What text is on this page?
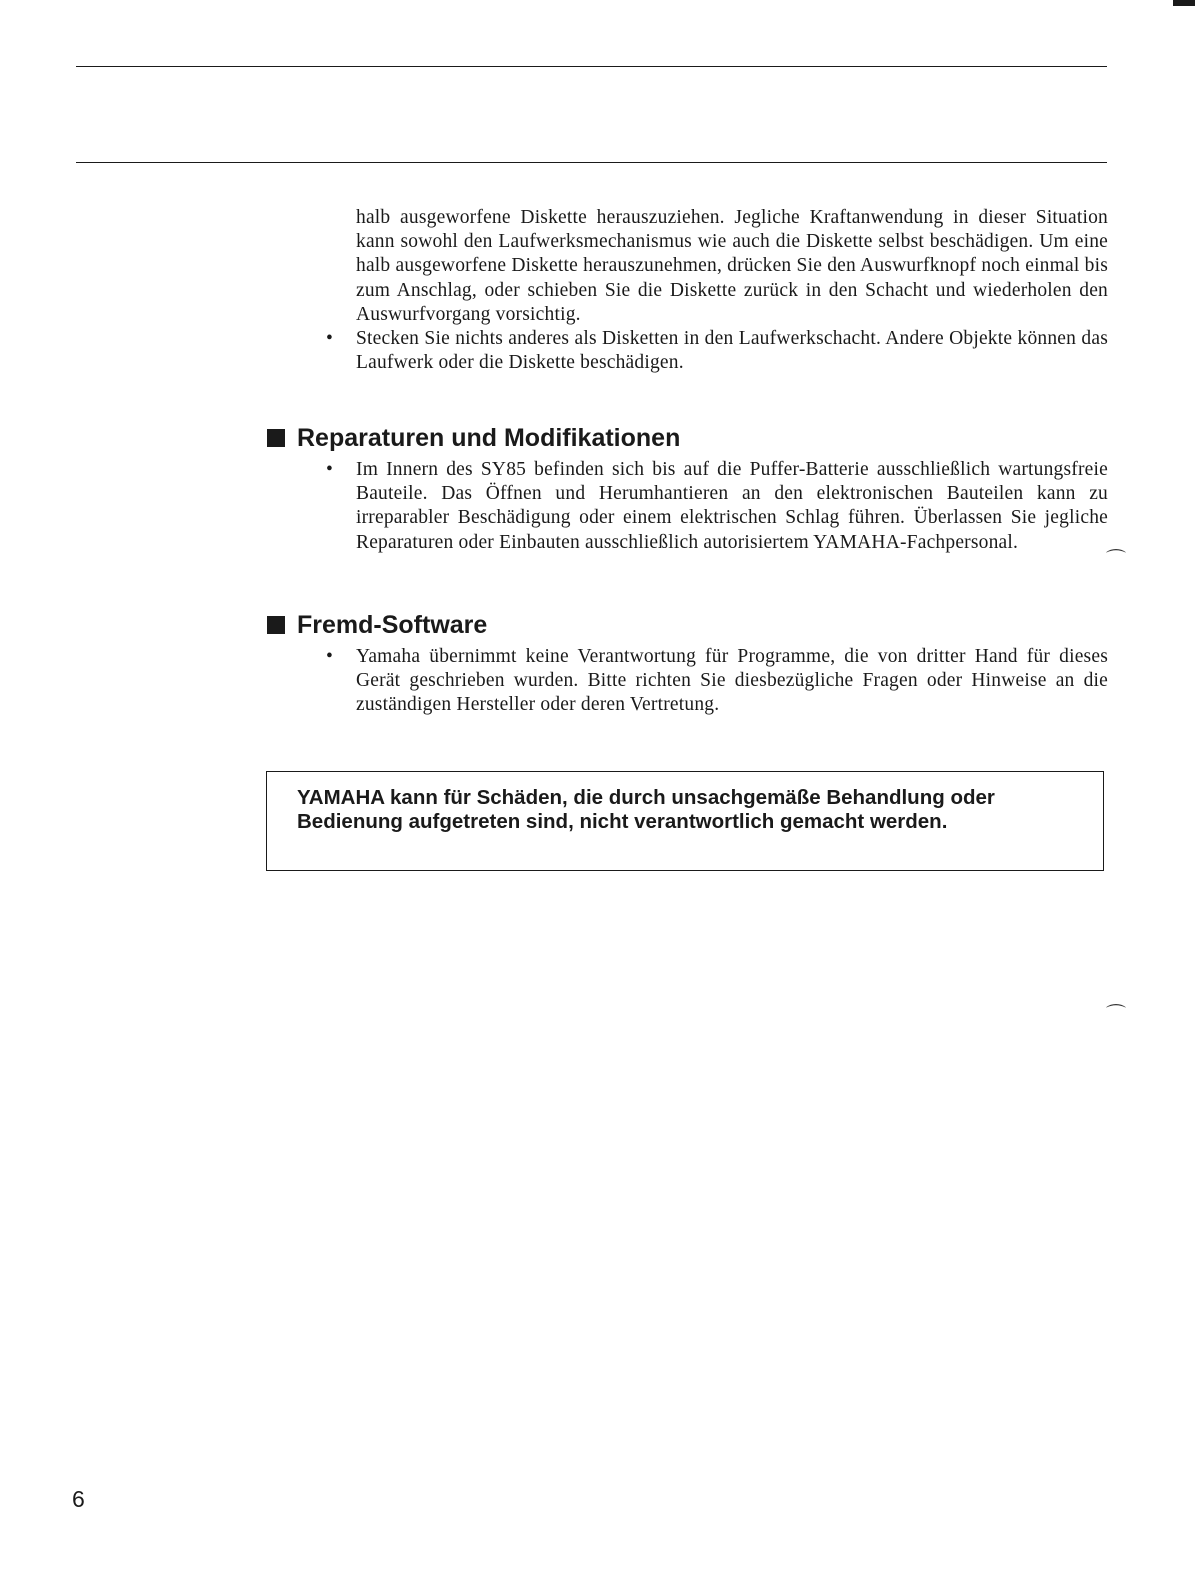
halb ausgeworfene Diskette herauszuziehen. Jegliche Kraftanwendung in dieser Situation kann sowohl den Laufwerksmechanismus wie auch die Diskette selbst beschädigen. Um eine halb ausgeworfene Diskette herauszunehmen, drücken Sie den Auswurfknopf noch einmal bis zum Anschlag, oder schieben Sie die Diskette zurück in den Schacht und wiederholen den Auswurfvorgang vorsichtig.

• Stecken Sie nichts anderes als Disketten in den Laufwerkschacht. Andere Objekte können das Laufwerk oder die Diskette beschädigen.

Reparaturen und Modifikationen

• Im Innern des SY85 befinden sich bis auf die Puffer-Batterie ausschließlich wartungsfreie Bauteile. Das Öffnen und Herumhantieren an den elektronischen Bauteilen kann zu irreparabler Beschädigung oder einem elektrischen Schlag führen. Überlassen Sie jegliche Reparaturen oder Einbauten ausschließlich autorisiertem YAMAHA-Fachpersonal.

Fremd-Software

• Yamaha übernimmt keine Verantwortung für Programme, die von dritter Hand für dieses Gerät geschrieben wurden. Bitte richten Sie diesbezügliche Fragen oder Hinweise an die zuständigen Hersteller oder deren Vertretung.

YAMAHA kann für Schäden, die durch unsachgemäße Behandlung oder Bedienung aufgetreten sind, nicht verantwortlich gemacht werden.
⌒
⌒
6
